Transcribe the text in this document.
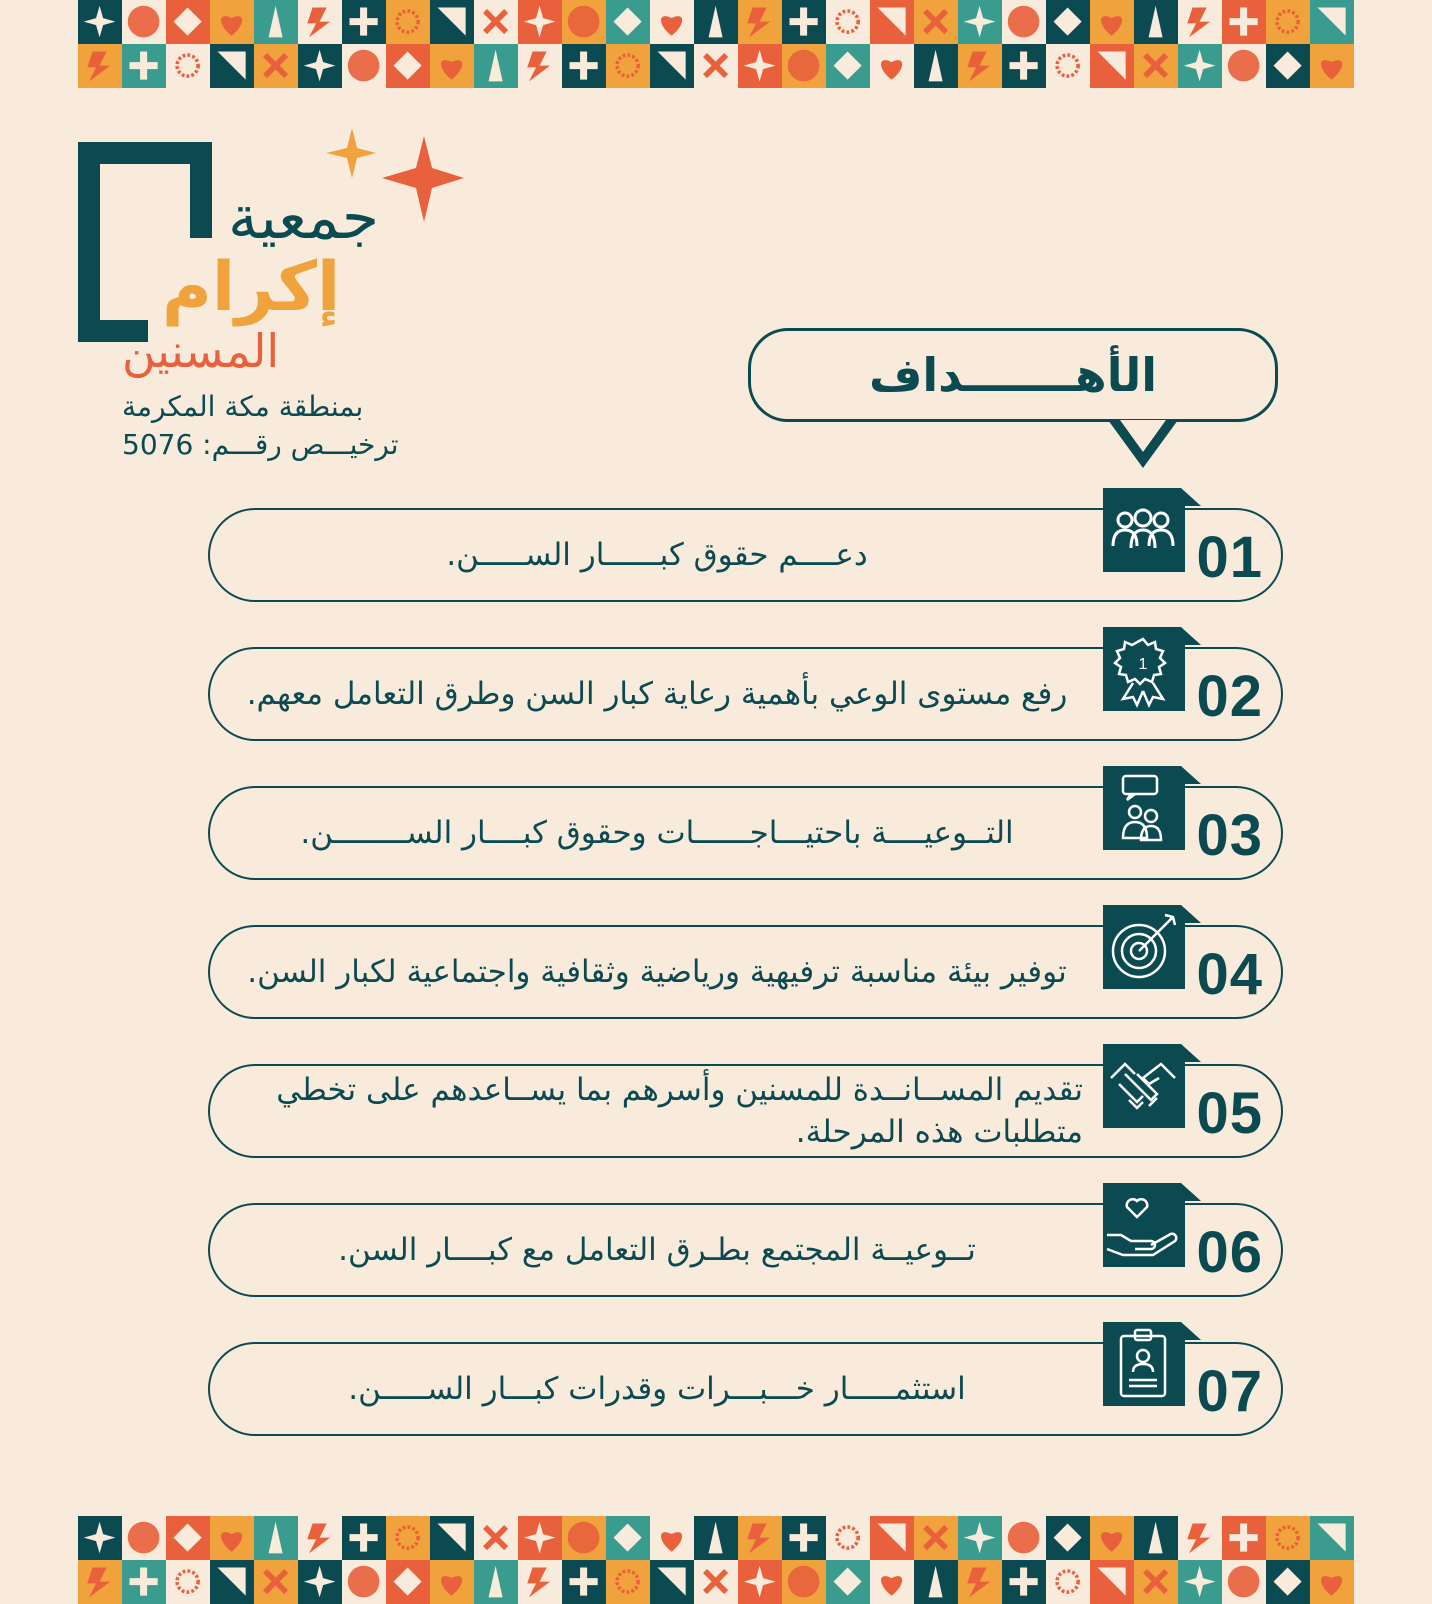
جمعية
إكرام
المسنين
بمنطقة مكة المكرمة
ترخيـــص رقـــم: 5076
الأهـــــــداف
دعــــم حقوق كبــــــار الســـــن.	01
1
رفع مستوى الوعي بأهمية رعاية كبار السن وطرق التعامل معهم.	02
التــوعيــــة باحتيـــاجــــــات وحقوق كبــــار الســــــــن.	03
توفير بيئة مناسبة ترفيهية ورياضية وثقافية واجتماعية لكبار السن.	04
تقديم المســانــدة للمسنين وأسرهم بما يســاعدهم على تخطي متطلبات هذه المرحلة. 05
تــوعيــة المجتمع بطـرق التعامل مع كبــــار السن.	06
استثمـــــار خـــبـــرات وقدرات كبـــار الســـــن.	07
